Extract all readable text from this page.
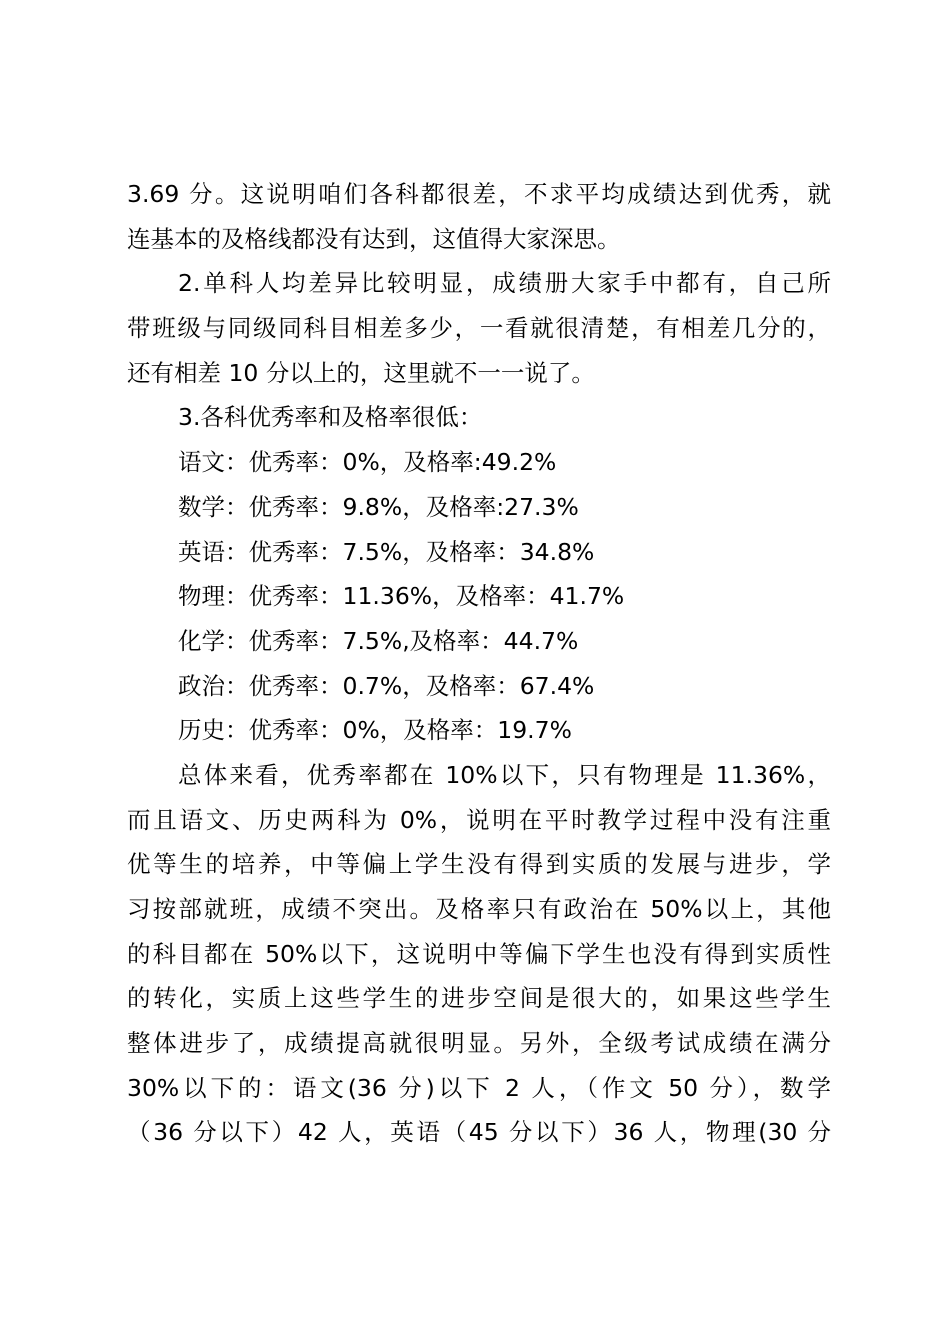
3.69 分。这说明咱们各科都很差，不求平均成绩达到优秀，就
连基本的及格线都没有达到，这值得大家深思。
2.单科人均差异比较明显，成绩册大家手中都有，自己所
带班级与同级同科目相差多少，一看就很清楚，有相差几分的，
还有相差 10 分以上的，这里就不一一说了。
3.各科优秀率和及格率很低：
语文：优秀率：0%，及格率:49.2%
数学：优秀率：9.8%，及格率:27.3%
英语：优秀率：7.5%，及格率：34.8%
物理：优秀率：11.36%，及格率：41.7%
化学：优秀率：7.5%,及格率：44.7%
政治：优秀率：0.7%，及格率：67.4%
历史：优秀率：0%，及格率：19.7%
总体来看，优秀率都在 10%以下，只有物理是 11.36%，
而且语文、历史两科为 0%，说明在平时教学过程中没有注重
优等生的培养，中等偏上学生没有得到实质的发展与进步，学
习按部就班，成绩不突出。及格率只有政治在 50%以上，其他
的科目都在 50%以下，这说明中等偏下学生也没有得到实质性
的转化，实质上这些学生的进步空间是很大的，如果这些学生
整体进步了，成绩提高就很明显。另外，全级考试成绩在满分
30%以下的：语文(36 分)以下 2 人，（作文 50 分），数学
（36 分以下）42 人，英语（45 分以下）36 人，物理(30 分
